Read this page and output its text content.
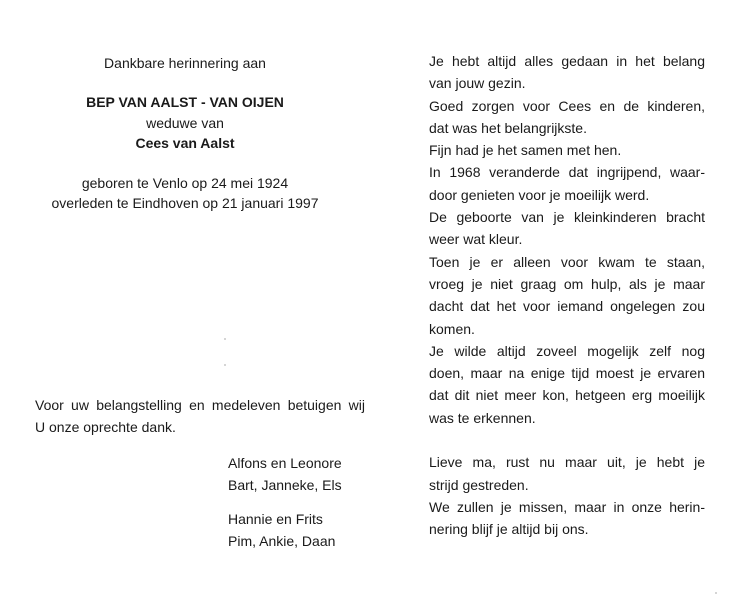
Dankbare herinnering aan
BEP VAN AALST - VAN OIJEN
weduwe van
Cees van Aalst
geboren te Venlo op 24 mei 1924
overleden te Eindhoven op 21 januari 1997
Voor uw belangstelling en medeleven betuigen wij
U onze oprechte dank.
Alfons en Leonore
Bart, Janneke, Els
Hannie en Frits
Pim, Ankie, Daan
Je hebt altijd alles gedaan in het belang
van jouw gezin.
Goed zorgen voor Cees en de kinderen,
dat was het belangrijkste.
Fijn had je het samen met hen.
In 1968 veranderde dat ingrijpend, waar-
door genieten voor je moeilijk werd.
De geboorte van je kleinkinderen bracht
weer wat kleur.
Toen je er alleen voor kwam te staan,
vroeg je niet graag om hulp, als je maar
dacht dat het voor iemand ongelegen zou
komen.
Je wilde altijd zoveel mogelijk zelf nog
doen, maar na enige tijd moest je ervaren
dat dit niet meer kon, hetgeen erg moeilijk
was te erkennen.
Lieve ma, rust nu maar uit, je hebt je
strijd gestreden.
We zullen je missen, maar in onze herin-
nering blijf je altijd bij ons.
